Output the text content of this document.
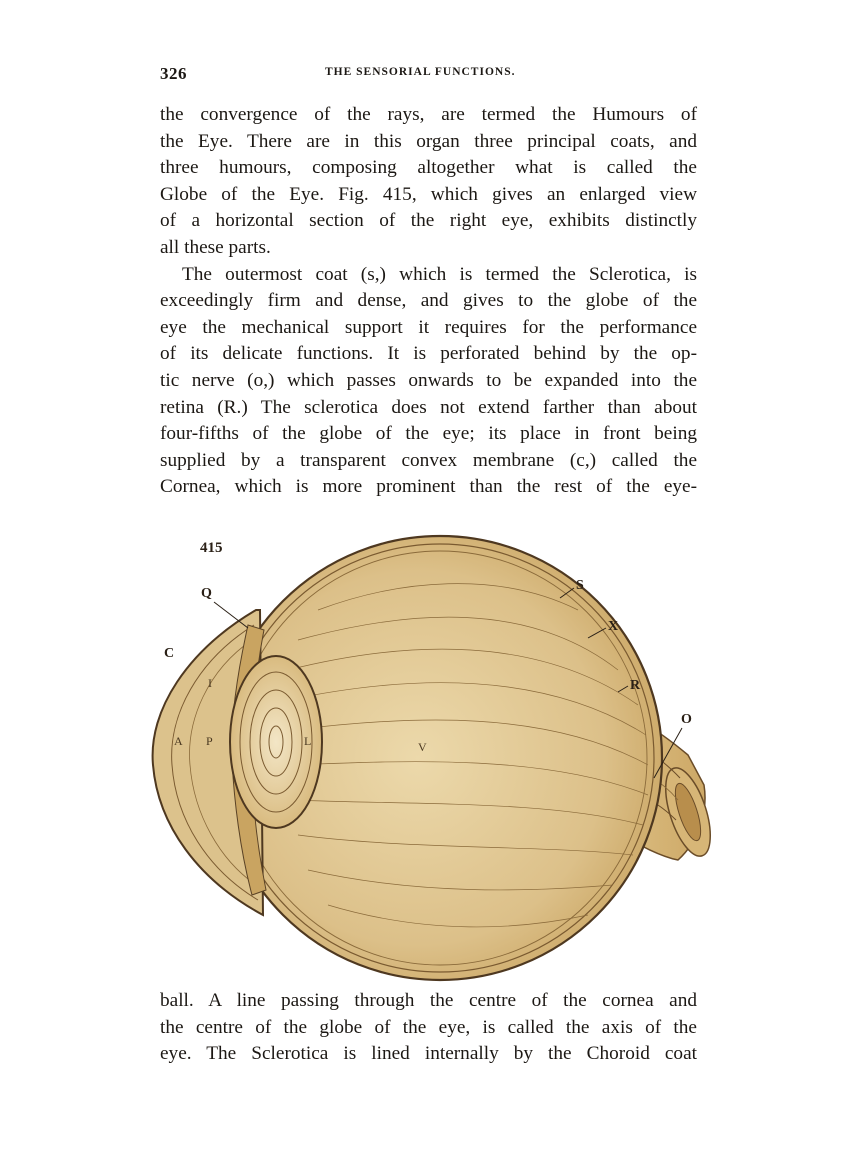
326	THE SENSORIAL FUNCTIONS.
the convergence of the rays, are termed the Humours of
the Eye. There are in this organ three principal coats, and
three humours, composing altogether what is called the
Globe of the Eye. Fig. 415, which gives an enlarged view
of a horizontal section of the right eye, exhibits distinctly
all these parts.
The outermost coat (s,) which is termed the Sclerotica, is
exceedingly firm and dense, and gives to the globe of the
eye the mechanical support it requires for the performance
of its delicate functions. It is perforated behind by the op-
tic nerve (o,) which passes onwards to be expanded into the
retina (R.) The sclerotica does not extend farther than about
four-fifths of the globe of the eye; its place in front being
supplied by a transparent convex membrane (c,) called the
Cornea, which is more prominent than the rest of the eye-
415
Q
C
S
X
R
O
I
A P	L	V
ball. A line passing through the centre of the cornea and
the centre of the globe of the eye, is called the axis of the
eye. The Sclerotica is lined internally by the Choroid coat
